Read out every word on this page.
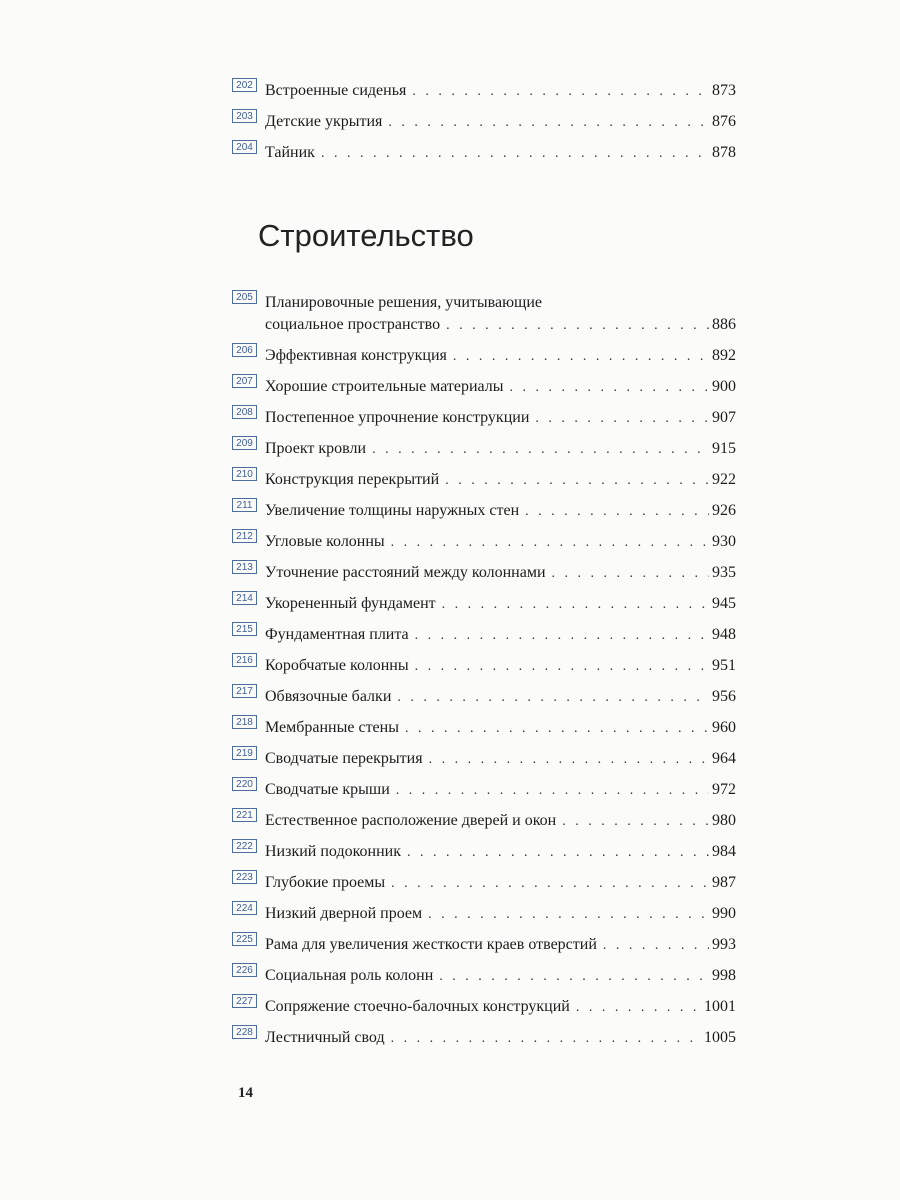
202 Встроенные сиденья . . .	873
203 Детские укрытия . . .	876
204 Тайник . . .	878
Строительство
205 Планировочные решения, учитывающие
социальное пространство . . .	886
206 Эффективная конструкция . . .	892
207 Хорошие строительные материалы . . .	900
208 Постепенное упрочнение конструкции . . .	907
209 Проект кровли . . .	915
210 Конструкция перекрытий . . .	922
211 Увеличение толщины наружных стен . . .	926
212 Угловые колонны . . .	930
213 Уточнение расстояний между колоннами . . .	935
214 Укорененный фундамент . . .	945
215 Фундаментная плита . . .	948
216 Коробчатые колонны . . .	951
217 Обвязочные балки . . .	956
218 Мембранные стены . . .	960
219 Сводчатые перекрытия . . .	964
220 Сводчатые крыши . . .	972
221 Естественное расположение дверей и окон . . .	980
222 Низкий подоконник . . .	984
223 Глубокие проемы . . .	987
224 Низкий дверной проем . . .	990
225 Рама для увеличения жесткости краев отверстий . . .	993
226 Социальная роль колонн . . .	998
227 Сопряжение стоечно-балочных конструкций . . .	1001
228 Лестничный свод . . .	1005
14
